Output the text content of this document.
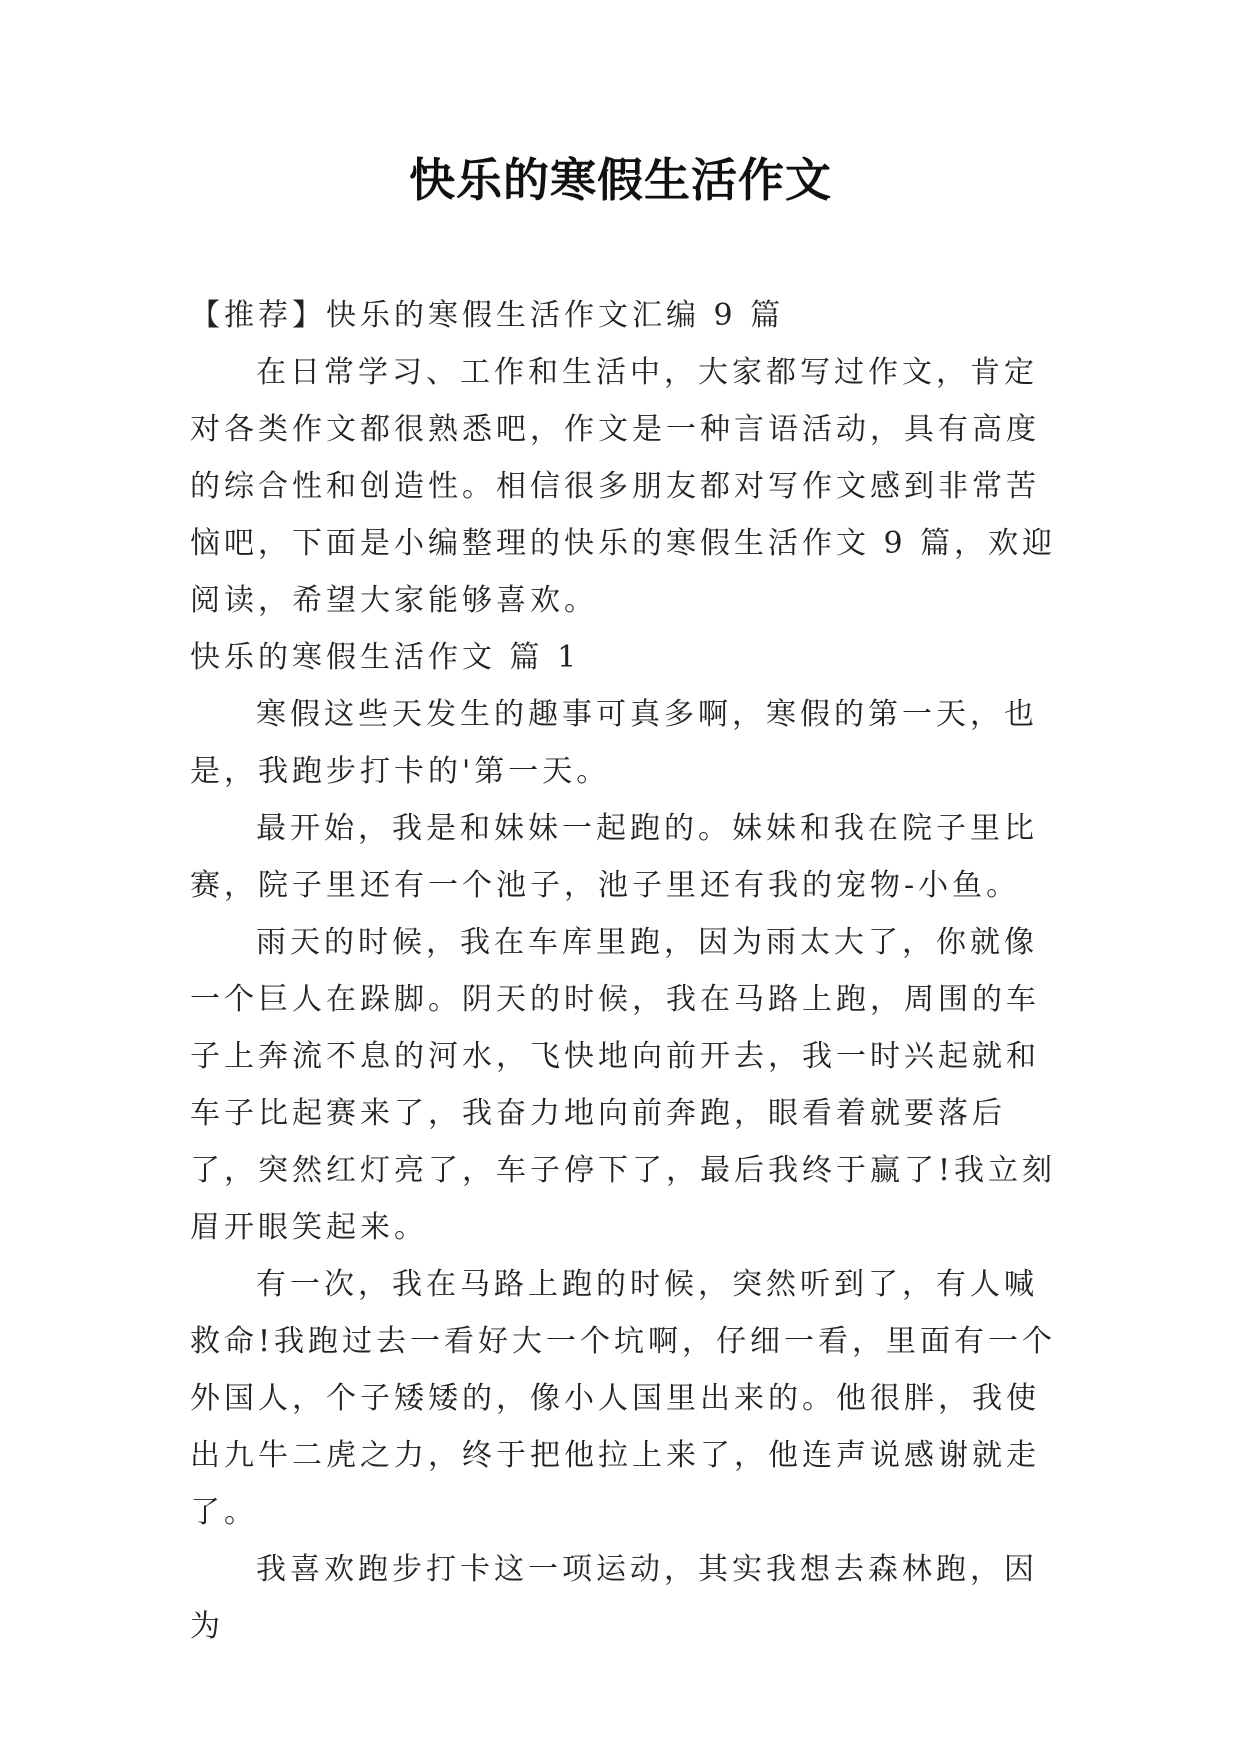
快乐的寒假生活作文

【推荐】快乐的寒假生活作文汇编 9 篇

在日常学习、工作和生活中，大家都写过作文，肯定对各类作文都很熟悉吧，作文是一种言语活动，具有高度的综合性和创造性。相信很多朋友都对写作文感到非常苦恼吧，下面是小编整理的快乐的寒假生活作文 9 篇，欢迎阅读，希望大家能够喜欢。

快乐的寒假生活作文 篇 1

寒假这些天发生的趣事可真多啊，寒假的第一天，也是，我跑步打卡的'第一天。

最开始，我是和妹妹一起跑的。妹妹和我在院子里比赛，院子里还有一个池子，池子里还有我的宠物-小鱼。

雨天的时候，我在车库里跑，因为雨太大了，你就像一个巨人在跺脚。阴天的时候，我在马路上跑，周围的车子上奔流不息的河水，飞快地向前开去，我一时兴起就和车子比起赛来了，我奋力地向前奔跑，眼看着就要落后了，突然红灯亮了，车子停下了，最后我终于赢了!我立刻眉开眼笑起来。

有一次，我在马路上跑的时候，突然听到了，有人喊救命!我跑过去一看好大一个坑啊，仔细一看，里面有一个外国人，个子矮矮的，像小人国里出来的。他很胖，我使出九牛二虎之力，终于把他拉上来了，他连声说感谢就走了。

我喜欢跑步打卡这一项运动，其实我想去森林跑，因为
